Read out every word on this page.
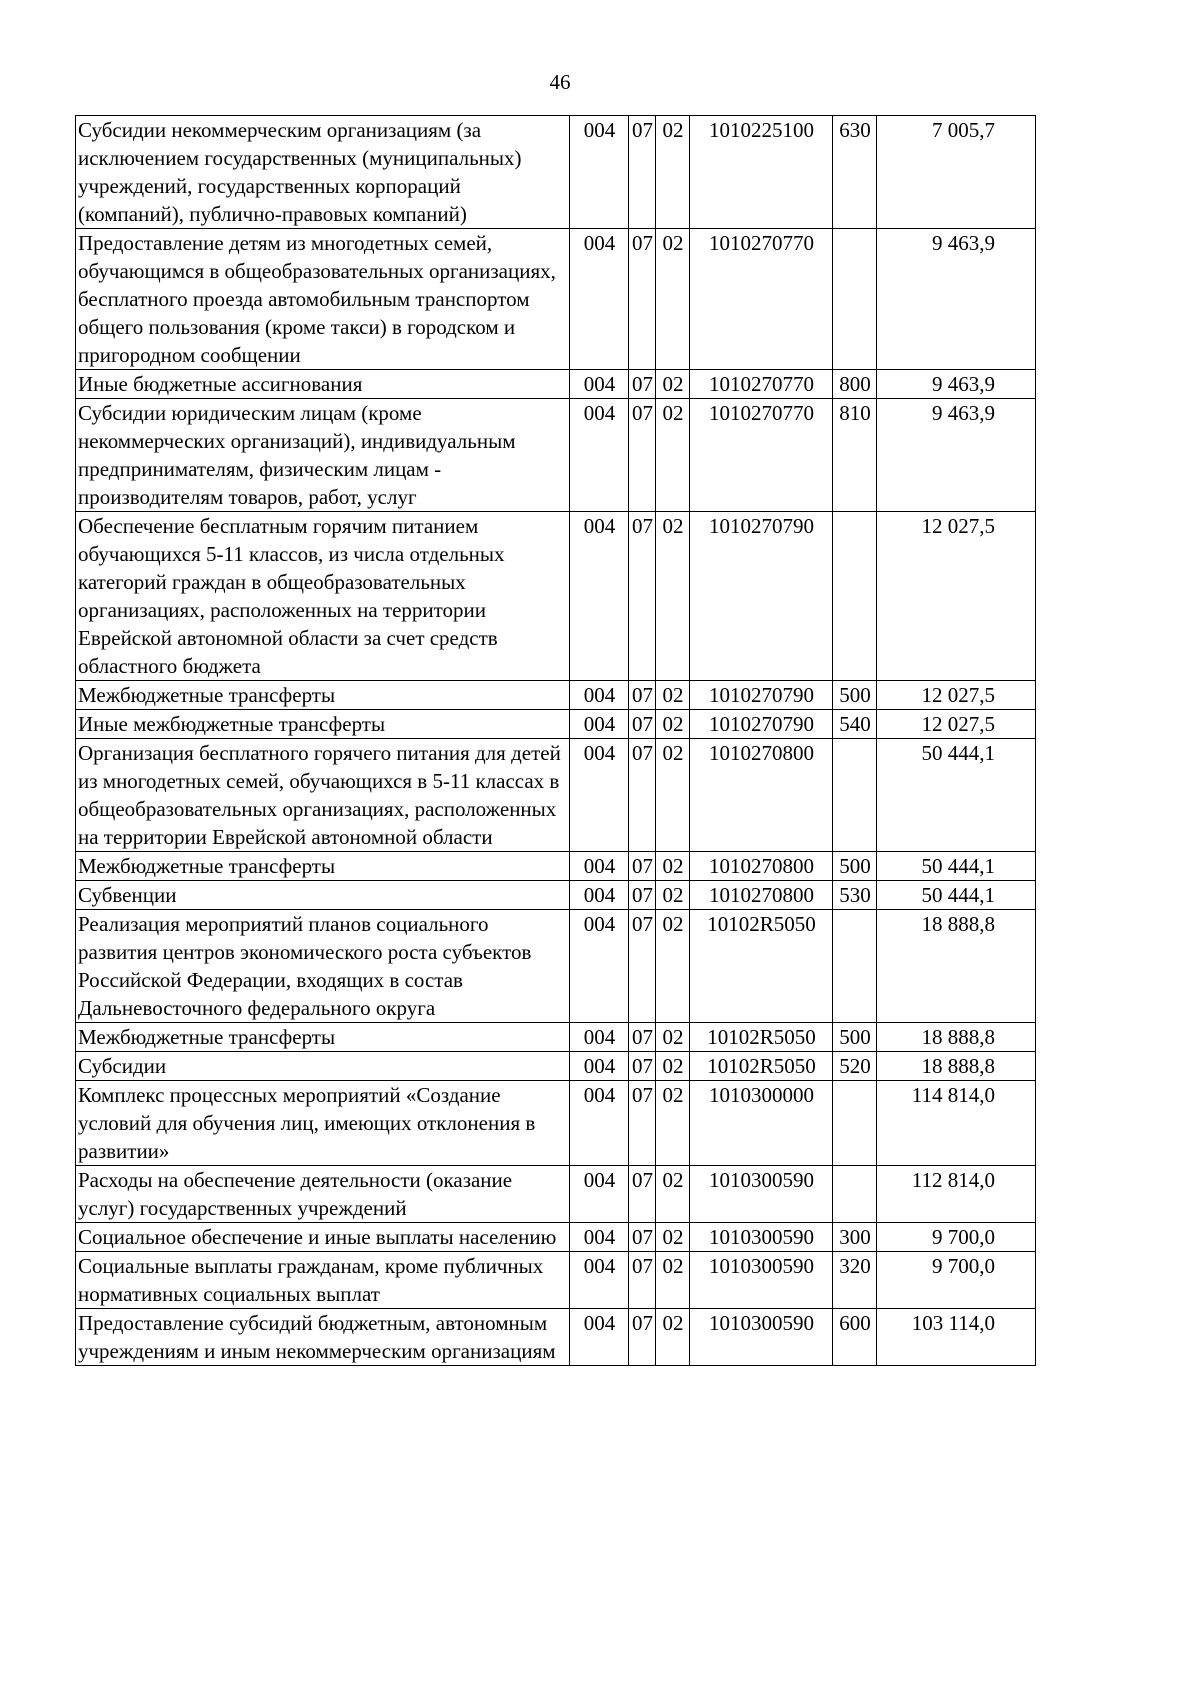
46
Субсидии некоммерческим организациям (за исключением государственных (муниципальных) учреждений, государственных корпораций (компаний), публично-правовых компаний)	004	07	02	1010225100	630	7 005,7
Предоставление детям из многодетных семей, обучающимся в общеобразовательных организациях, бесплатного проезда автомобильным транспортом общего пользования (кроме такси) в городском и пригородном сообщении	004	07	02	1010270770		9 463,9
Иные бюджетные ассигнования	004	07	02	1010270770	800	9 463,9
Субсидии юридическим лицам (кроме некоммерческих организаций), индивидуальным предпринимателям, физическим лицам - производителям товаров, работ, услуг	004	07	02	1010270770	810	9 463,9
Обеспечение бесплатным горячим питанием обучающихся 5-11 классов, из числа отдельных категорий граждан в общеобразовательных организациях, расположенных на территории Еврейской автономной области за счет средств областного бюджета	004	07	02	1010270790		12 027,5
Межбюджетные трансферты	004	07	02	1010270790	500	12 027,5
Иные межбюджетные трансферты	004	07	02	1010270790	540	12 027,5
Организация бесплатного горячего питания для детей из многодетных семей, обучающихся в 5-11 классах в общеобразовательных организациях, расположенных на территории Еврейской автономной области	004	07	02	1010270800		50 444,1
Межбюджетные трансферты	004	07	02	1010270800	500	50 444,1
Субвенции	004	07	02	1010270800	530	50 444,1
Реализация мероприятий планов социального развития центров экономического роста субъектов Российской Федерации, входящих в состав Дальневосточного федерального округа	004	07	02	10102R5050		18 888,8
Межбюджетные трансферты	004	07	02	10102R5050	500	18 888,8
Субсидии	004	07	02	10102R5050	520	18 888,8
Комплекс процессных мероприятий «Создание условий для обучения лиц, имеющих отклонения в развитии»	004	07	02	1010300000		114 814,0
Расходы на обеспечение деятельности (оказание услуг) государственных учреждений	004	07	02	1010300590		112 814,0
Социальное обеспечение и иные выплаты населению	004	07	02	1010300590	300	9 700,0
Социальные выплаты гражданам, кроме публичных нормативных социальных выплат	004	07	02	1010300590	320	9 700,0
Предоставление субсидий бюджетным, автономным учреждениям и иным некоммерческим организациям	004	07	02	1010300590	600	103 114,0
